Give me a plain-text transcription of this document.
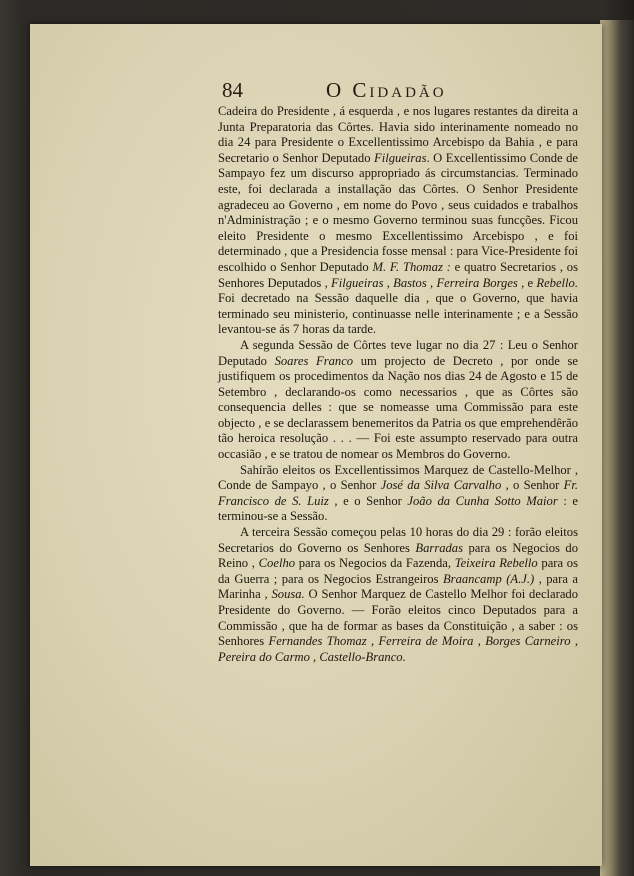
84	O Cidadão

Cadeira do Presidente , á esquerda , e nos lugares restantes da direita a Junta Preparatoria das Côrtes. Havia sido interinamente nomeado no dia 24 para Presidente o Excellentissimo Arcebispo da Bahia , e para Secretario o Senhor Deputado Filgueiras. O Excellentissimo Conde de Sampayo fez um discurso appropriado ás circumstancias. Terminado este, foi declarada a installação das Côrtes. O Senhor Presidente agradeceu ao Governo , em nome do Povo , seus cuidados e trabalhos n'Administração ; e o mesmo Governo terminou suas funcções. Ficou eleito Presidente o mesmo Excellentissimo Arcebispo , e foi determinado , que a Presidencia fosse mensal : para Vice-Presidente foi escolhido o Senhor Deputado M. F. Thomaz : e quatro Secretarios , os Senhores Deputados , Filgueiras , Bastos , Ferreira Borges , e Rebello. Foi decretado na Sessão daquelle dia , que o Governo, que havia terminado seu ministerio, continuasse nelle interinamente ; e a Sessão levantou-se ás 7 horas da tarde.

A segunda Sessão de Côrtes teve lugar no dia 27 : Leu o Senhor Deputado Soares Franco um projecto de Decreto , por onde se justifiquem os procedimentos da Nação nos dias 24 de Agosto e 15 de Setembro , declarando-os como necessarios , que as Côrtes são consequencia delles : que se nomeasse uma Commissão para este objecto , e se declarassem benemeritos da Patria os que emprehendêrão tão heroica resolução . . . — Foi este assumpto reservado para outra occasião , e se tratou de nomear os Membros do Governo.

Sahírão eleitos os Excellentissimos Marquez de Castello-Melhor , Conde de Sampayo , o Senhor José da Silva Carvalho , o Senhor Fr. Francisco de S. Luiz , e o Senhor João da Cunha Sotto Maior : e terminou-se a Sessão.

A terceira Sessão começou pelas 10 horas do dia 29 : forão eleitos Secretarios do Governo os Senhores Barradas para os Negocios do Reino , Coelho para os Negocios da Fazenda, Teixeira Rebello para os da Guerra ; para os Negocios Estrangeiros Braancamp (A.J.) , para a Marinha , Sousa. O Senhor Marquez de Castello Melhor foi declarado Presidente do Governo. — Forão eleitos cinco Deputados para a Commissão , que ha de formar as bases da Constituição , a saber : os Senhores Fernandes Thomaz , Ferreira de Moira , Borges Carneiro , Pereira do Carmo , Castello-Branco.
